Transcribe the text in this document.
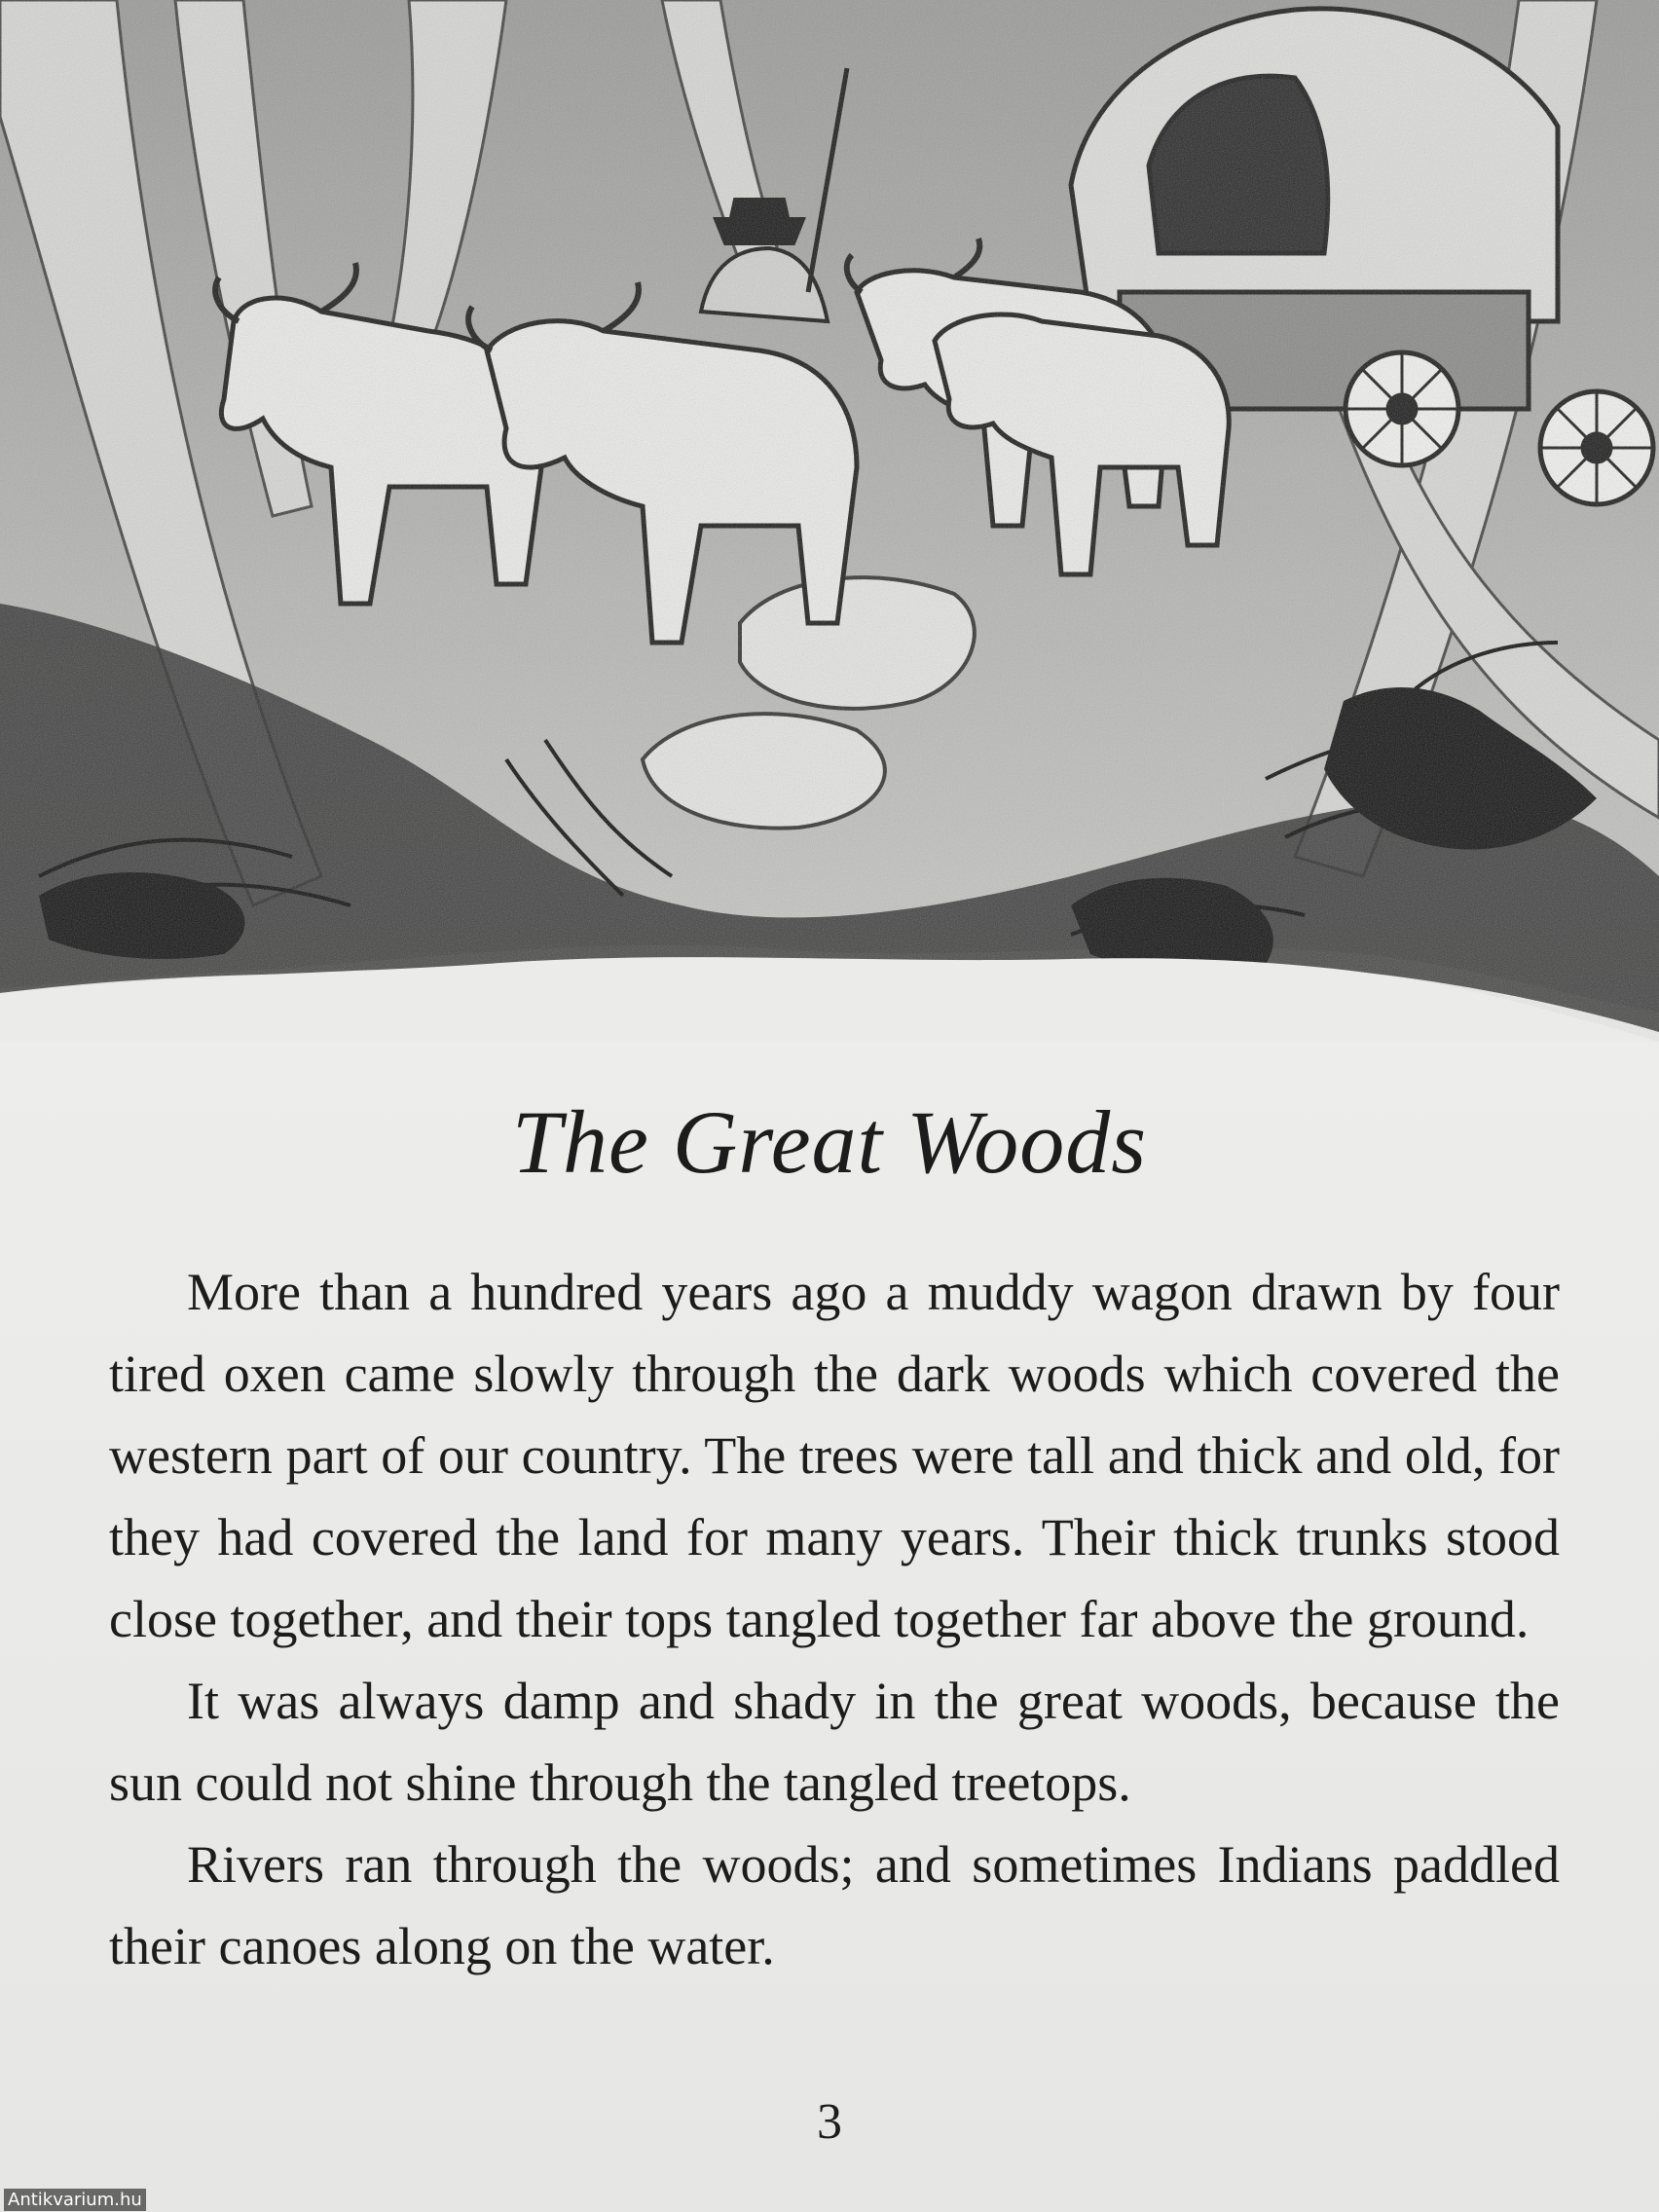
The Great Woods

More than a hundred years ago a muddy wagon drawn by four tired oxen came slowly through the dark woods which covered the western part of our country. The trees were tall and thick and old, for they had covered the land for many years. Their thick trunks stood close together, and their tops tangled together far above the ground.

It was always damp and shady in the great woods, because the sun could not shine through the tangled treetops.

Rivers ran through the woods; and sometimes Indians paddled their canoes along on the water.

3
Antikvarium.hu
